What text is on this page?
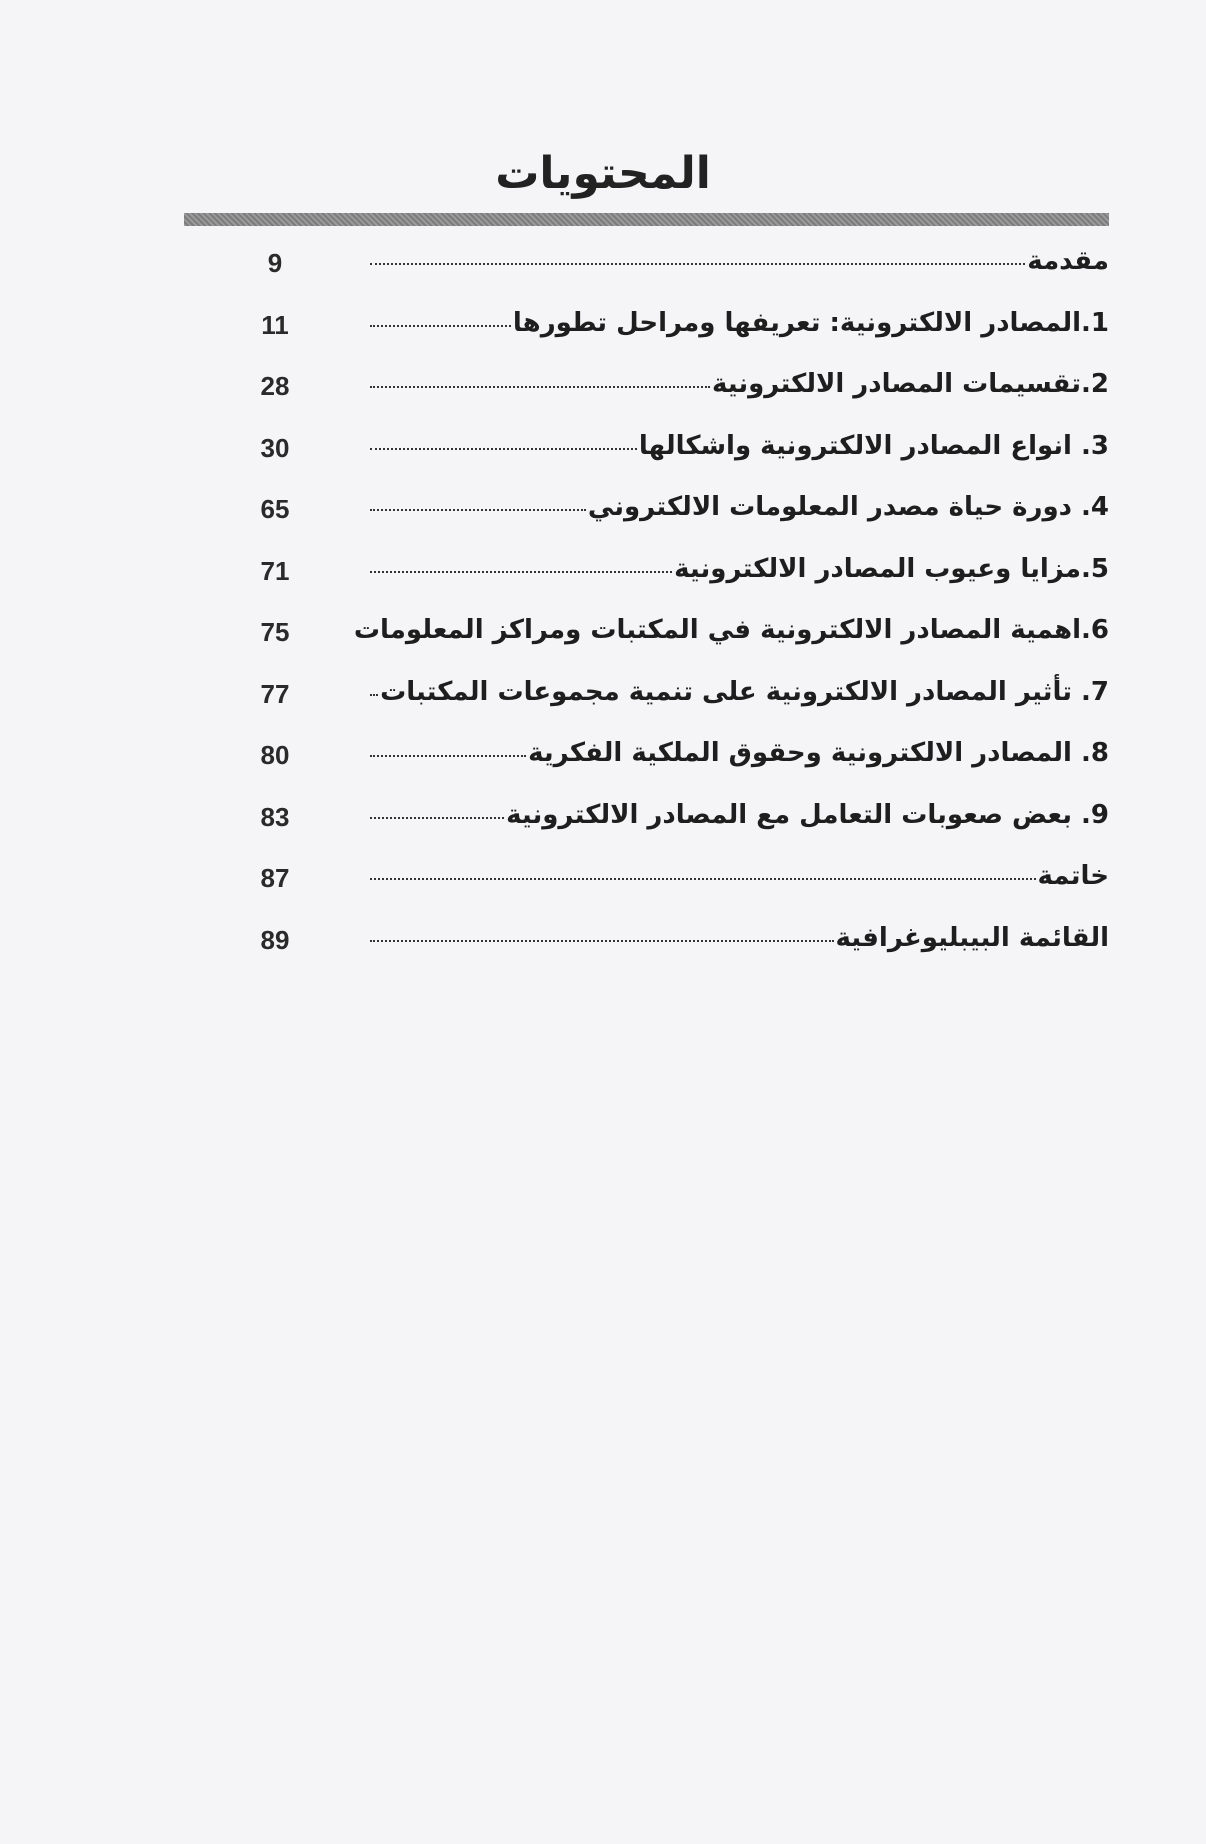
المحتويات
مقدمة
9
1.المصادر الالكترونية: تعريفها ومراحل تطورها
11
2.تقسيمات المصادر الالكترونية
28
3. انواع المصادر الالكترونية واشكالها
30
4. دورة حياة مصدر المعلومات الالكتروني
65
5.مزايا وعيوب المصادر الالكترونية
71
6.اهمية المصادر الالكترونية في المكتبات ومراكز المعلومات
75
7. تأثير المصادر الالكترونية على تنمية مجموعات المكتبات
77
8. المصادر الالكترونية وحقوق الملكية الفكرية
80
9. بعض صعوبات التعامل مع المصادر الالكترونية
83
خاتمة
87
القائمة البيبليوغرافية
89
